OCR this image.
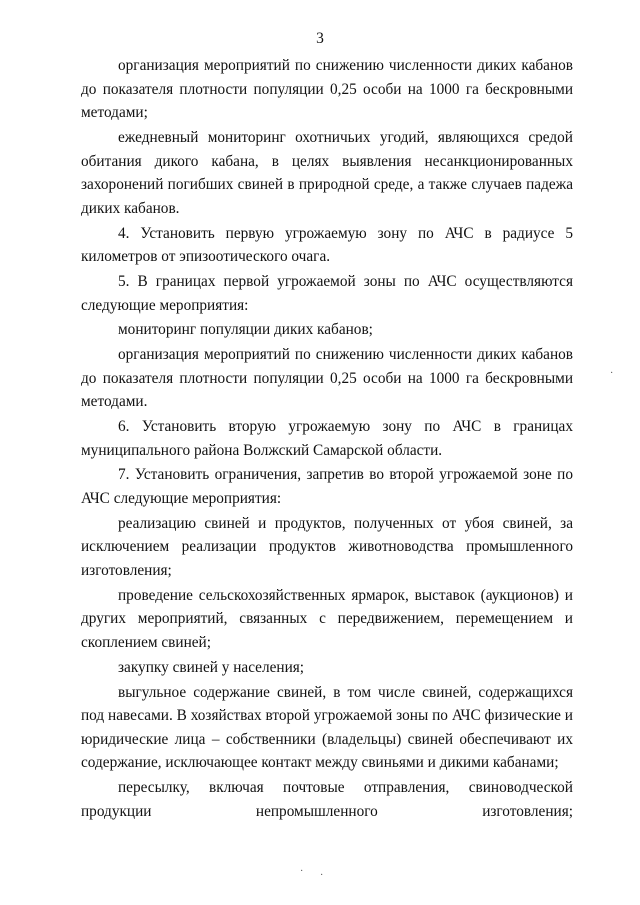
3

организация мероприятий по снижению численности диких кабанов до показателя плотности популяции 0,25 особи на 1000 га бескровными методами;

ежедневный мониторинг охотничьих угодий, являющихся средой обитания дикого кабана, в целях выявления несанкционированных захоронений погибших свиней в природной среде, а также случаев падежа диких кабанов.

4. Установить первую угрожаемую зону по АЧС в радиусе 5 километров от эпизоотического очага.

5. В границах первой угрожаемой зоны по АЧС осуществляются следующие мероприятия:

мониторинг популяции диких кабанов;

организация мероприятий по снижению численности диких кабанов до показателя плотности популяции 0,25 особи на 1000 га бескровными методами.

6. Установить вторую угрожаемую зону по АЧС в границах муниципального района Волжский Самарской области.

7. Установить ограничения, запретив во второй угрожаемой зоне по АЧС следующие мероприятия:

реализацию свиней и продуктов, полученных от убоя свиней, за исключением реализации продуктов животноводства промышленного изготовления;

проведение сельскохозяйственных ярмарок, выставок (аукционов) и других мероприятий, связанных с передвижением, перемещением и скоплением свиней;

закупку свиней у населения;

выгульное содержание свиней, в том числе свиней, содержащихся под навесами. В хозяйствах второй угрожаемой зоны по АЧС физические и юридические лица – собственники (владельцы) свиней обеспечивают их содержание, исключающее контакт между свиньями и дикими кабанами;

пересылку, включая почтовые отправления, свиноводческой продукции непромышленного изготовления;

·
· ·
